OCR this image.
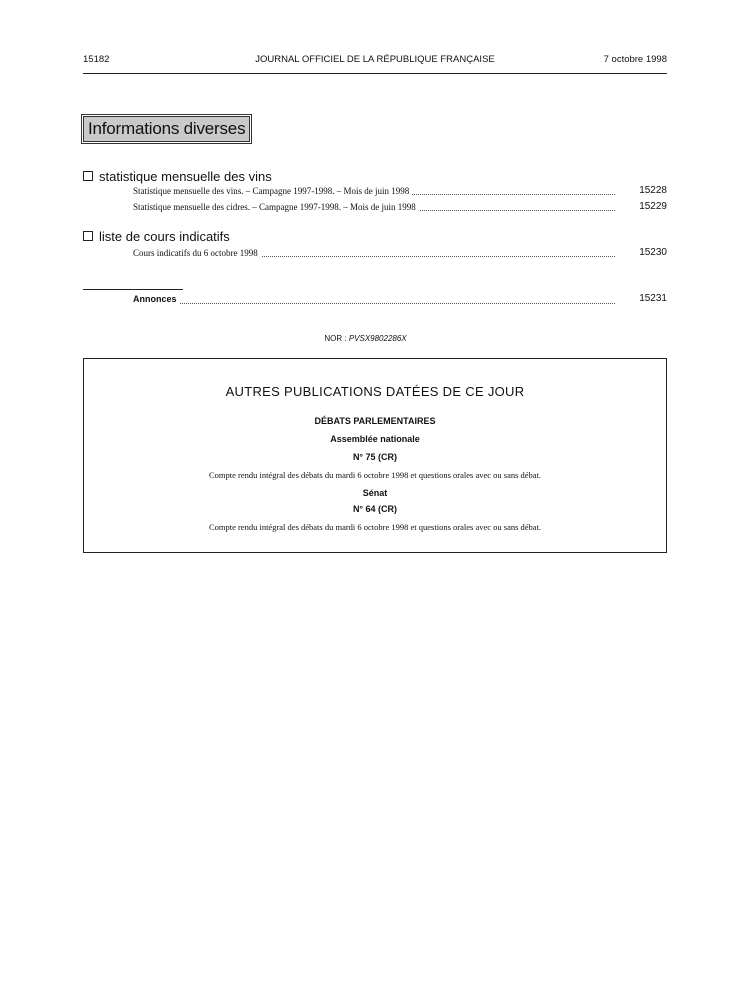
15182	JOURNAL OFFICIEL DE LA RÉPUBLIQUE FRANÇAISE	7 octobre 1998
Informations diverses
statistique mensuelle des vins
Statistique mensuelle des vins. – Campagne 1997-1998. – Mois de juin 1998	15228
Statistique mensuelle des cidres. – Campagne 1997-1998. – Mois de juin 1998	15229
liste de cours indicatifs
Cours indicatifs du 6 octobre 1998	15230
Annonces	15231
NOR : PVSX9802286X
AUTRES PUBLICATIONS DATÉES DE CE JOUR
DÉBATS PARLEMENTAIRES
Assemblée nationale
N° 75 (CR)
Compte rendu intégral des débats du mardi 6 octobre 1998 et questions orales avec ou sans débat.
Sénat
N° 64 (CR)
Compte rendu intégral des débats du mardi 6 octobre 1998 et questions orales avec ou sans débat.
